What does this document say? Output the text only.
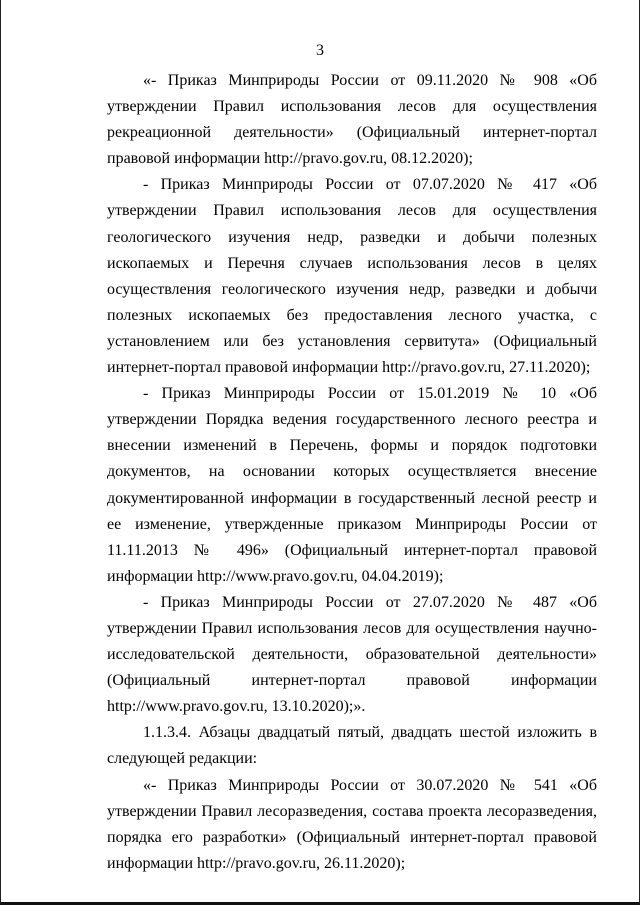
3

«- Приказ Минприроды России от 09.11.2020 № 908 «Об утверждении Правил использования лесов для осуществления рекреационной деятельности» (Официальный интернет-портал правовой информации http://pravo.gov.ru, 08.12.2020);

- Приказ Минприроды России от 07.07.2020 № 417 «Об утверждении Правил использования лесов для осуществления геологического изучения недр, разведки и добычи полезных ископаемых и Перечня случаев использования лесов в целях осуществления геологического изучения недр, разведки и добычи полезных ископаемых без предоставления лесного участка, с установлением или без установления сервитута» (Официальный интернет-портал правовой информации http://pravo.gov.ru, 27.11.2020);

- Приказ Минприроды России от 15.01.2019 № 10 «Об утверждении Порядка ведения государственного лесного реестра и внесении изменений в Перечень, формы и порядок подготовки документов, на основании которых осуществляется внесение документированной информации в государственный лесной реестр и ее изменение, утвержденные приказом Минприроды России от 11.11.2013 № 496» (Официальный интернет-портал правовой информации http://www.pravo.gov.ru, 04.04.2019);

- Приказ Минприроды России от 27.07.2020 № 487 «Об утверждении Правил использования лесов для осуществления научно-исследовательской деятельности, образовательной деятельности» (Официальный интернет-портал правовой информации http://www.pravo.gov.ru, 13.10.2020);».

1.1.3.4. Абзацы двадцатый пятый, двадцать шестой изложить в следующей редакции:

«- Приказ Минприроды России от 30.07.2020 № 541 «Об утверждении Правил лесоразведения, состава проекта лесоразведения, порядка его разработки» (Официальный интернет-портал правовой информации http://pravo.gov.ru, 26.11.2020);
